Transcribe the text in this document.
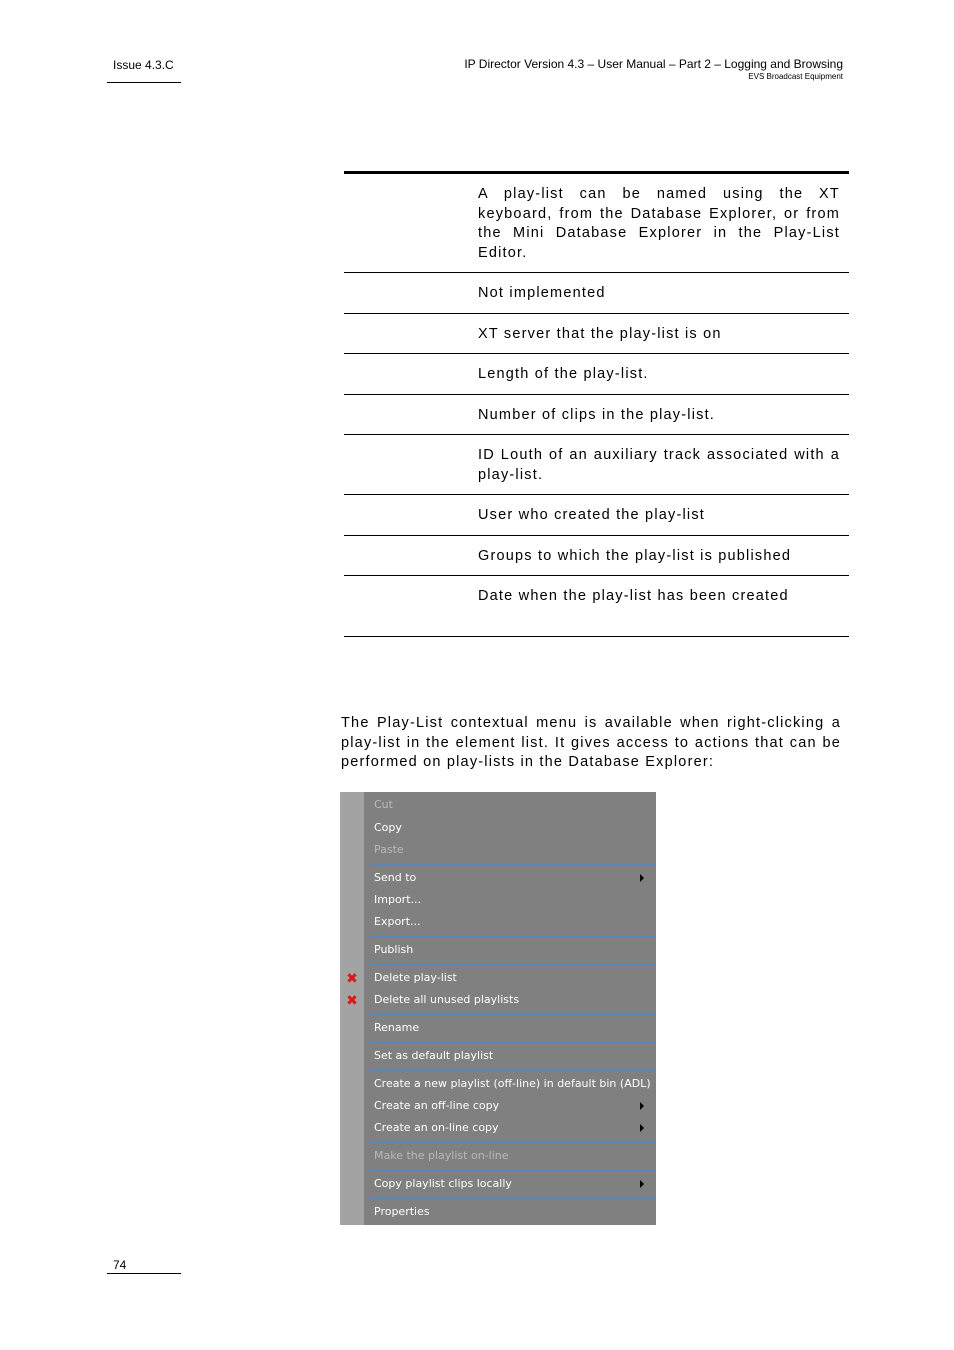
Issue 4.3.C	IP Director Version 4.3 – User Manual – Part 2 – Logging and Browsing
EVS Broadcast Equipment
A play-list can be named using the XT keyboard, from the Database Explorer, or from the Mini Database Explorer in the Play-List Editor.
Not implemented
XT server that the play-list is on
Length of the play-list.
Number of clips in the play-list.
ID Louth of an auxiliary track associated with a play-list.
User who created the play-list
Groups to which the play-list is published
Date when the play-list has been created
The Play-List contextual menu is available when right-clicking a play-list in the element list. It gives access to actions that can be performed on play-lists in the Database Explorer:
Cut
Copy
Paste
Send to
Import...
Export...
Publish
✖ Delete play-list
✖ Delete all unused playlists
Rename
Set as default playlist
Create a new playlist (off-line) in default bin (ADL)
Create an off-line copy
Create an on-line copy
Make the playlist on-line
Copy playlist clips locally
Properties
74
